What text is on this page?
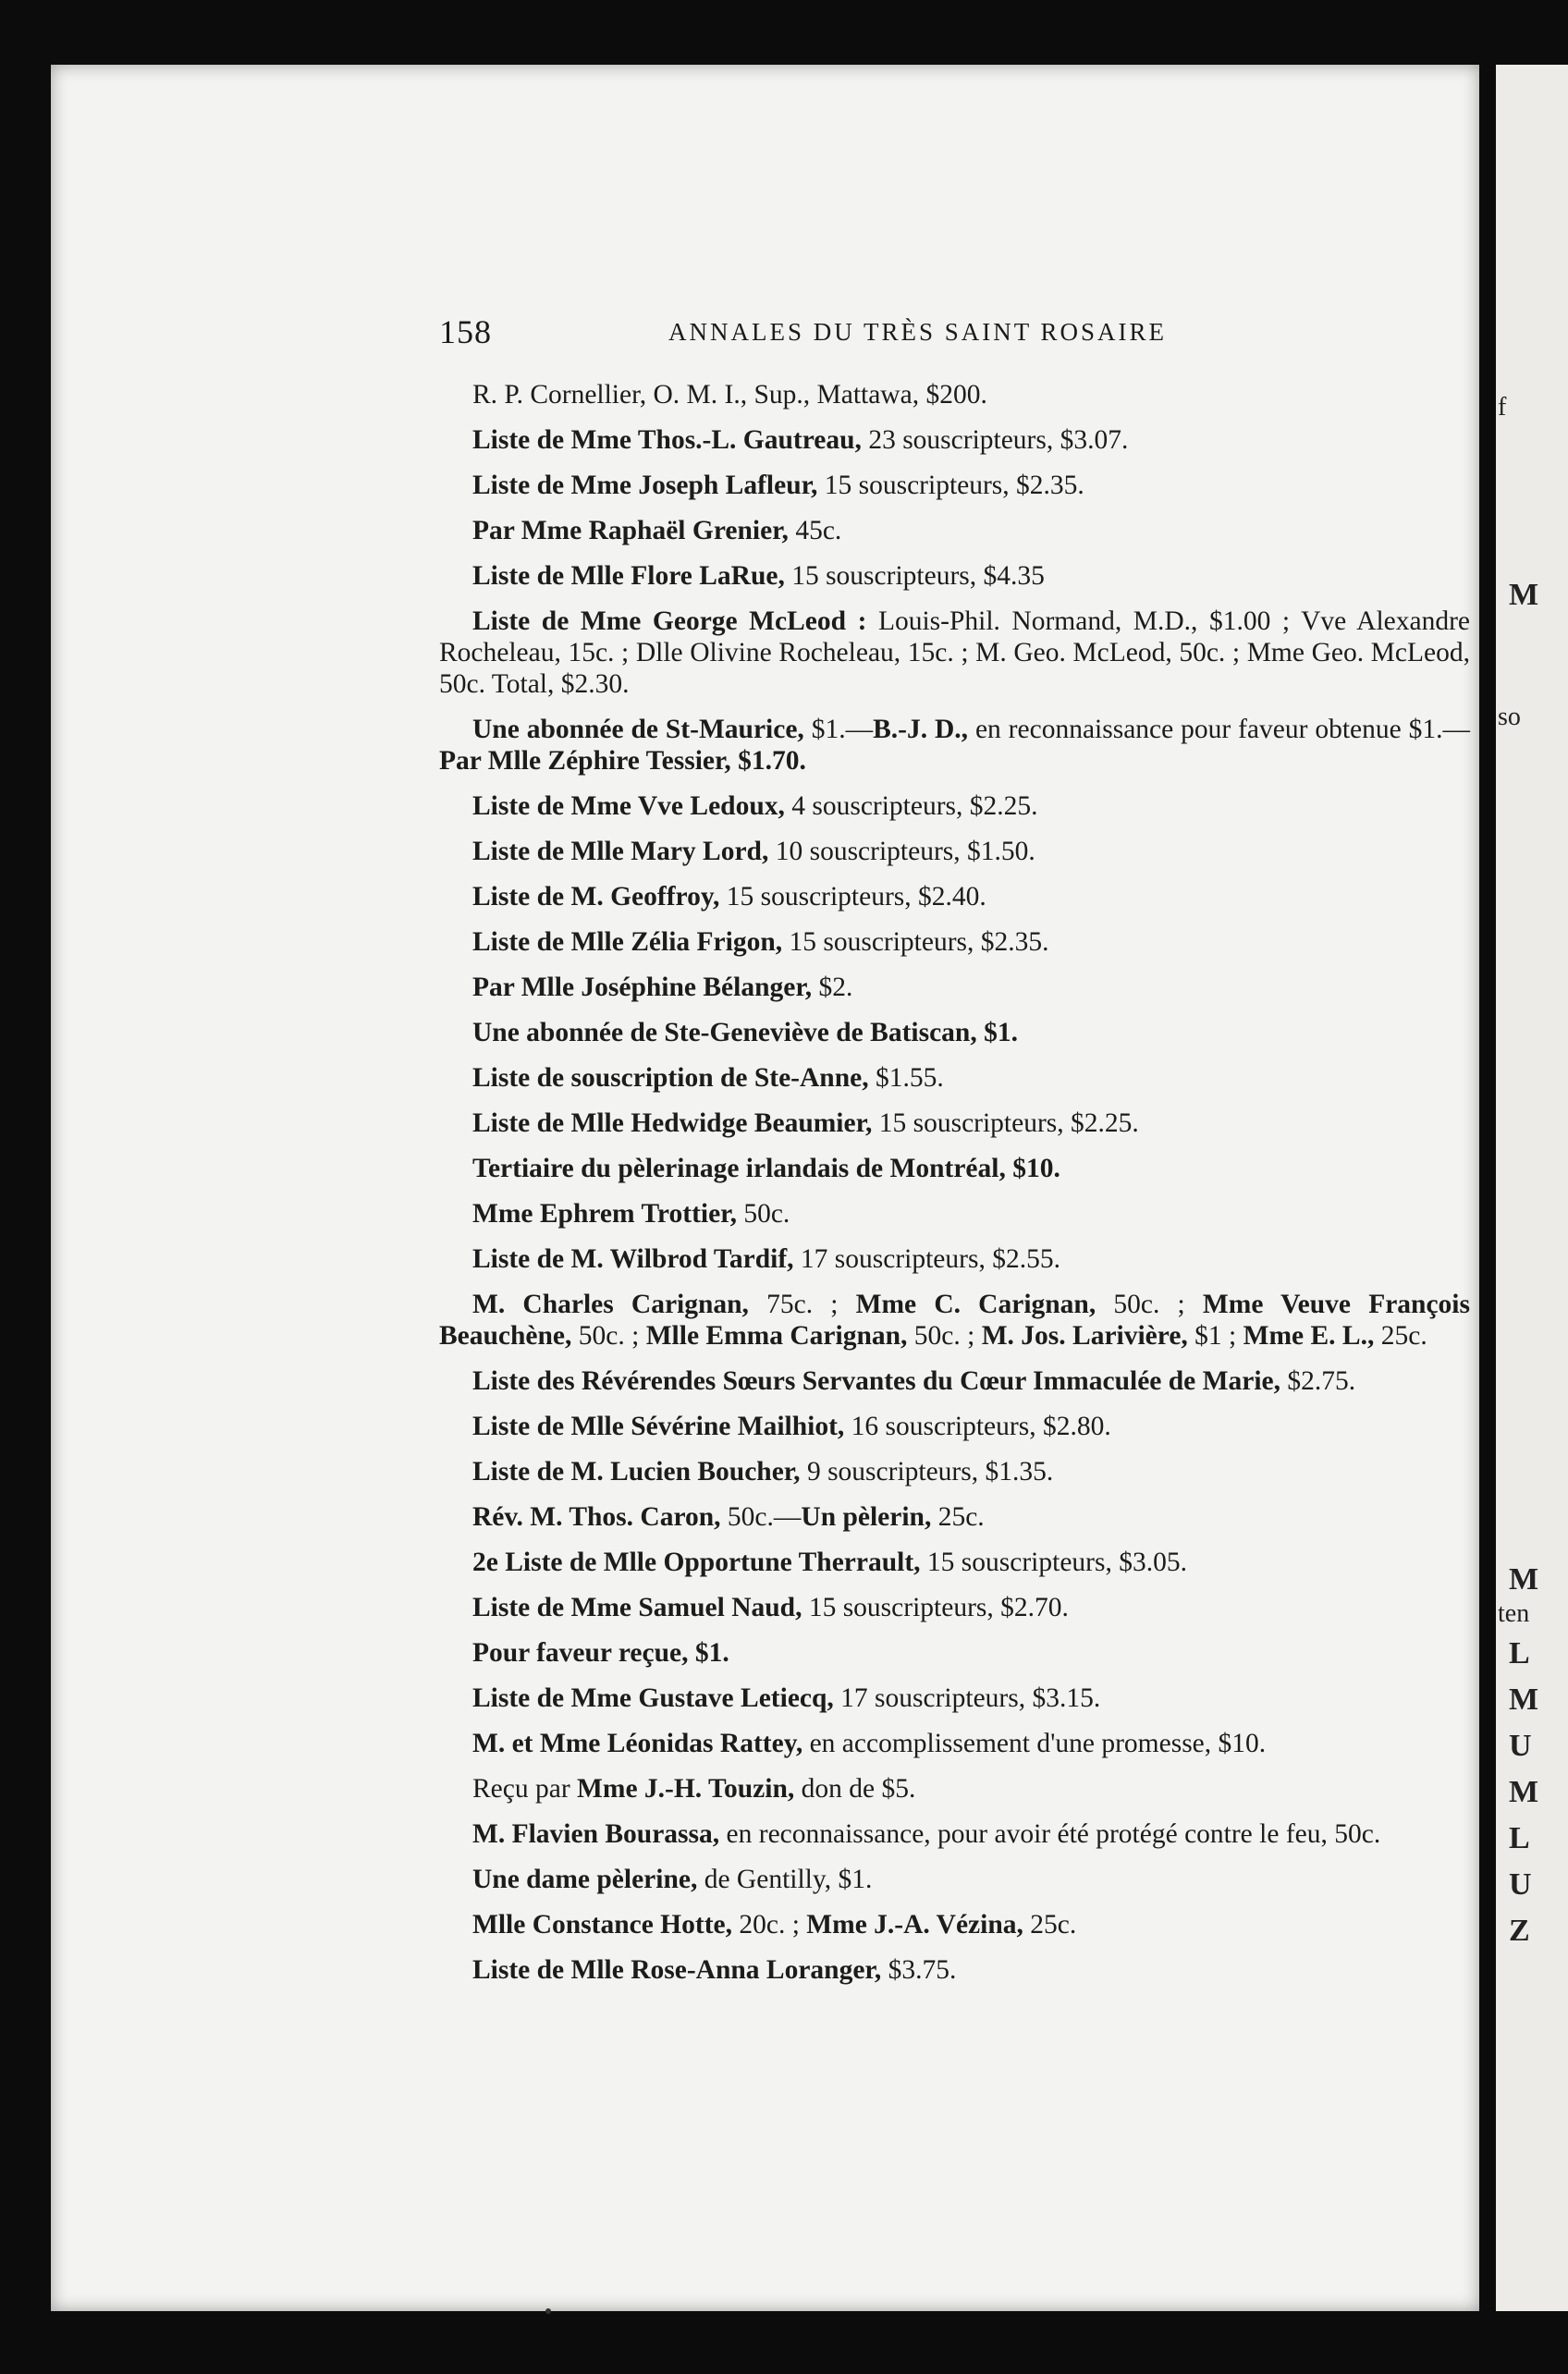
158	ANNALES DU TRÈS SAINT ROSAIRE

R. P. Cornellier, O. M. I., Sup., Mattawa, $200.

Liste de Mme Thos.-L. Gautreau, 23 souscripteurs, $3.07.

Liste de Mme Joseph Lafleur, 15 souscripteurs, $2.35.

Par Mme Raphaël Grenier, 45c.

Liste de Mlle Flore LaRue, 15 souscripteurs, $4.35

Liste de Mme George McLeod : Louis-Phil. Normand, M.D., $1.00 ; Vve Alexandre Rocheleau, 15c. ; Dlle Olivine Rocheleau, 15c. ; M. Geo. McLeod, 50c. ; Mme Geo. McLeod, 50c. Total, $2.30.

Une abonnée de St-Maurice, $1.—B.-J. D., en reconnaissance pour faveur obtenue $1.—Par Mlle Zéphire Tessier, $1.70.

Liste de Mme Vve Ledoux, 4 souscripteurs, $2.25.

Liste de Mlle Mary Lord, 10 souscripteurs, $1.50.

Liste de M. Geoffroy, 15 souscripteurs, $2.40.

Liste de Mlle Zélia Frigon, 15 souscripteurs, $2.35.

Par Mlle Joséphine Bélanger, $2.

Une abonnée de Ste-Geneviève de Batiscan, $1.

Liste de souscription de Ste-Anne, $1.55.

Liste de Mlle Hedwidge Beaumier, 15 souscripteurs, $2.25.

Tertiaire du pèlerinage irlandais de Montréal, $10.

Mme Ephrem Trottier, 50c.

Liste de M. Wilbrod Tardif, 17 souscripteurs, $2.55.

M. Charles Carignan, 75c. ; Mme C. Carignan, 50c. ; Mme Veuve François Beauchène, 50c. ; Mlle Emma Carignan, 50c. ; M. Jos. Larivière, $1 ; Mme E. L., 25c.

Liste des Révérendes Sœurs Servantes du Cœur Immaculée de Marie, $2.75.

Liste de Mlle Sévérine Mailhiot, 16 souscripteurs, $2.80.

Liste de M. Lucien Boucher, 9 souscripteurs, $1.35.

Rév. M. Thos. Caron, 50c.—Un pèlerin, 25c.

2e Liste de Mlle Opportune Therrault, 15 souscripteurs, $3.05.

Liste de Mme Samuel Naud, 15 souscripteurs, $2.70.

Pour faveur reçue, $1.

Liste de Mme Gustave Letiecq, 17 souscripteurs, $3.15.

M. et Mme Léonidas Rattey, en accomplissement d'une promesse, $10.

Reçu par Mme J.-H. Touzin, don de $5.

M. Flavien Bourassa, en reconnaissance, pour avoir été protégé contre le feu, 50c.

Une dame pèlerine, de Gentilly, $1.

Mlle Constance Hotte, 20c. ; Mme J.-A. Vézina, 25c.

Liste de Mlle Rose-Anna Loranger, $3.75.

f
M
so
M
ten
L
M
U
M
L
U
Z
